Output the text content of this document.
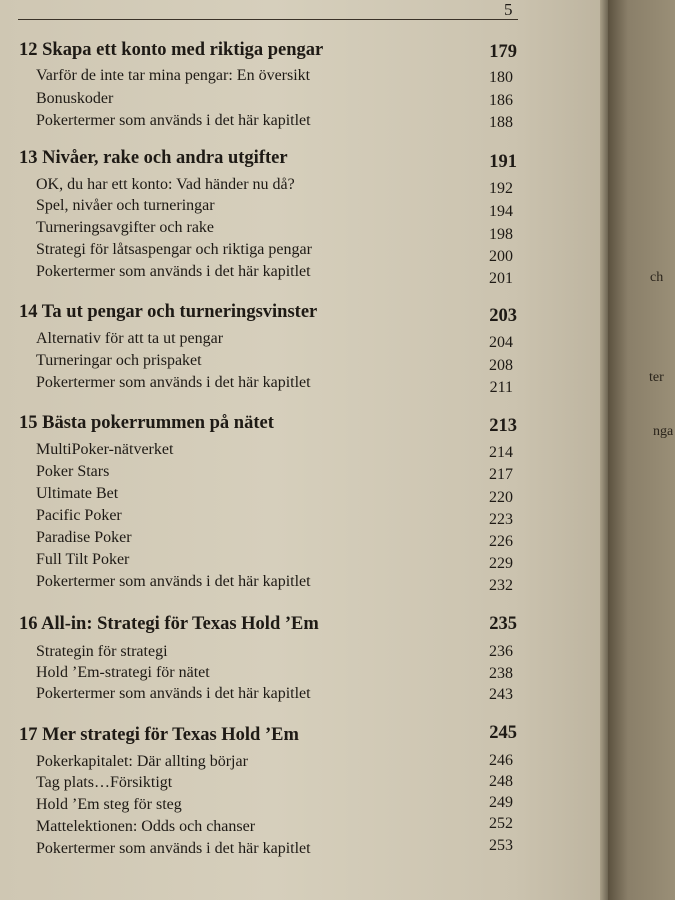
5
12 Skapa ett konto med riktiga pengar	179
Varför de inte tar mina pengar: En översikt	180
Bonuskoder	186
Pokertermer som används i det här kapitlet	188
13 Nivåer, rake och andra utgifter	191
OK, du har ett konto: Vad händer nu då?	192
Spel, nivåer och turneringar	194
Turneringsavgifter och rake	198
Strategi för låtsaspengar och riktiga pengar	200
Pokertermer som används i det här kapitlet	201
14 Ta ut pengar och turneringsvinster	203
Alternativ för att ta ut pengar	204
Turneringar och prispaket	208
Pokertermer som används i det här kapitlet	211
15 Bästa pokerrummen på nätet	213
MultiPoker-nätverket	214
Poker Stars	217
Ultimate Bet	220
Pacific Poker	223
Paradise Poker	226
Full Tilt Poker	229
Pokertermer som används i det här kapitlet	232
16 All-in: Strategi för Texas Hold ’Em	235
Strategin för strategi	236
Hold ’Em-strategi för nätet	238
Pokertermer som används i det här kapitlet	243
17 Mer strategi för Texas Hold ’Em	245
Pokerkapitalet: Där allting börjar	246
Tag plats…Försiktigt	248
Hold ’Em steg för steg	249
Mattelektionen: Odds och chanser	252
Pokertermer som används i det här kapitlet	253
ch
ter
nga
